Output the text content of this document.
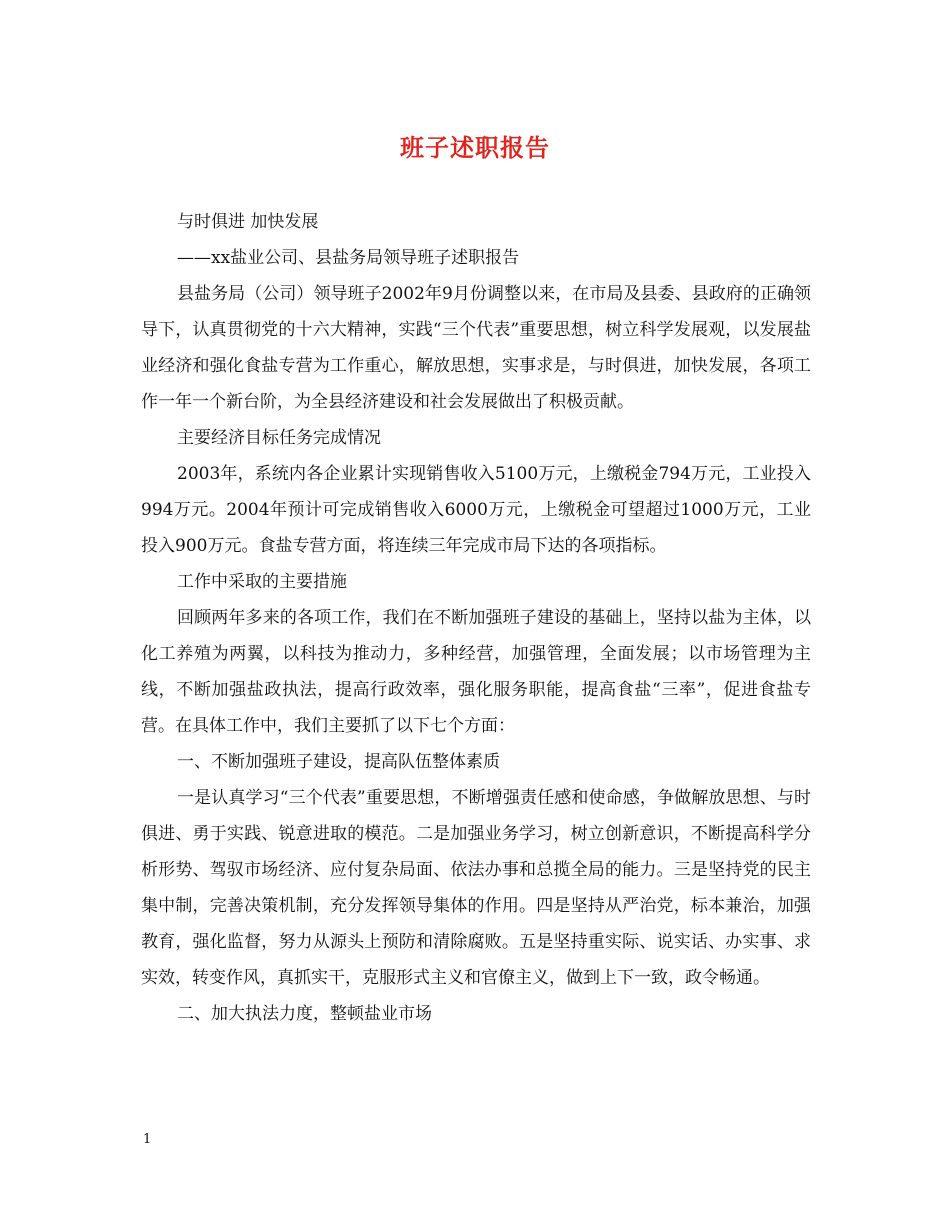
班子述职报告

与时俱进 加快发展

——xx盐业公司、县盐务局领导班子述职报告

县盐务局（公司）领导班子2002年9月份调整以来，在市局及县委、县政府的正确领导下，认真贯彻党的十六大精神，实践“三个代表”重要思想，树立科学发展观，以发展盐业经济和强化食盐专营为工作重心，解放思想，实事求是，与时俱进，加快发展，各项工作一年一个新台阶，为全县经济建设和社会发展做出了积极贡献。

主要经济目标任务完成情况

2003年，系统内各企业累计实现销售收入5100万元，上缴税金794万元，工业投入994万元。2004年预计可完成销售收入6000万元，上缴税金可望超过1000万元，工业投入900万元。食盐专营方面，将连续三年完成市局下达的各项指标。

工作中采取的主要措施

回顾两年多来的各项工作，我们在不断加强班子建设的基础上，坚持以盐为主体，以化工养殖为两翼，以科技为推动力，多种经营，加强管理，全面发展；以市场管理为主线，不断加强盐政执法，提高行政效率，强化服务职能，提高食盐“三率”，促进食盐专营。在具体工作中，我们主要抓了以下七个方面：

一、不断加强班子建设，提高队伍整体素质

一是认真学习“三个代表”重要思想，不断增强责任感和使命感，争做解放思想、与时俱进、勇于实践、锐意进取的模范。二是加强业务学习，树立创新意识，不断提高科学分析形势、驾驭市场经济、应付复杂局面、依法办事和总揽全局的能力。三是坚持党的民主集中制，完善决策机制，充分发挥领导集体的作用。四是坚持从严治党，标本兼治，加强教育，强化监督，努力从源头上预防和清除腐败。五是坚持重实际、说实话、办实事、求实效，转变作风，真抓实干，克服形式主义和官僚主义，做到上下一致，政令畅通。

二、加大执法力度，整顿盐业市场

1
